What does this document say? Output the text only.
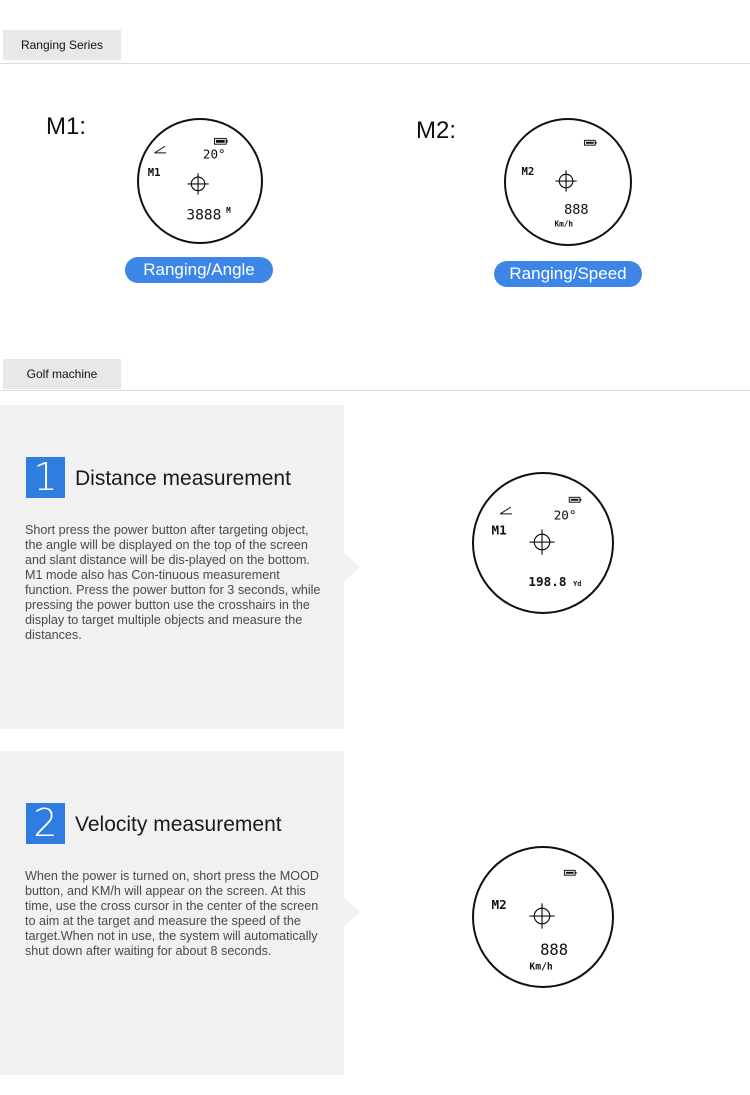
Ranging Series
M1:
20°
M1
3888 M
Ranging/Angle
M2:
M2
888
Km/h
Ranging/Speed
Golf machine
1 Distance measurement
Short press the power button after targeting object, the angle will be displayed on the top of the screen and slant distance will be dis-played on the bottom. M1 mode also has Con-tinuous measurement function. Press the power button for 3 seconds, while pressing the power button use the crosshairs in the display to target multiple objects and measure the distances.
20°
M1
198.8 Yd
2 Velocity measurement
When the power is turned on, short press the MOOD button, and KM/h will appear on the screen. At this time, use the cross cursor in the center of the screen to aim at the target and measure the speed of the target.When not in use, the system will automatically shut down after waiting for about 8 seconds.
M2
888
Km/h
